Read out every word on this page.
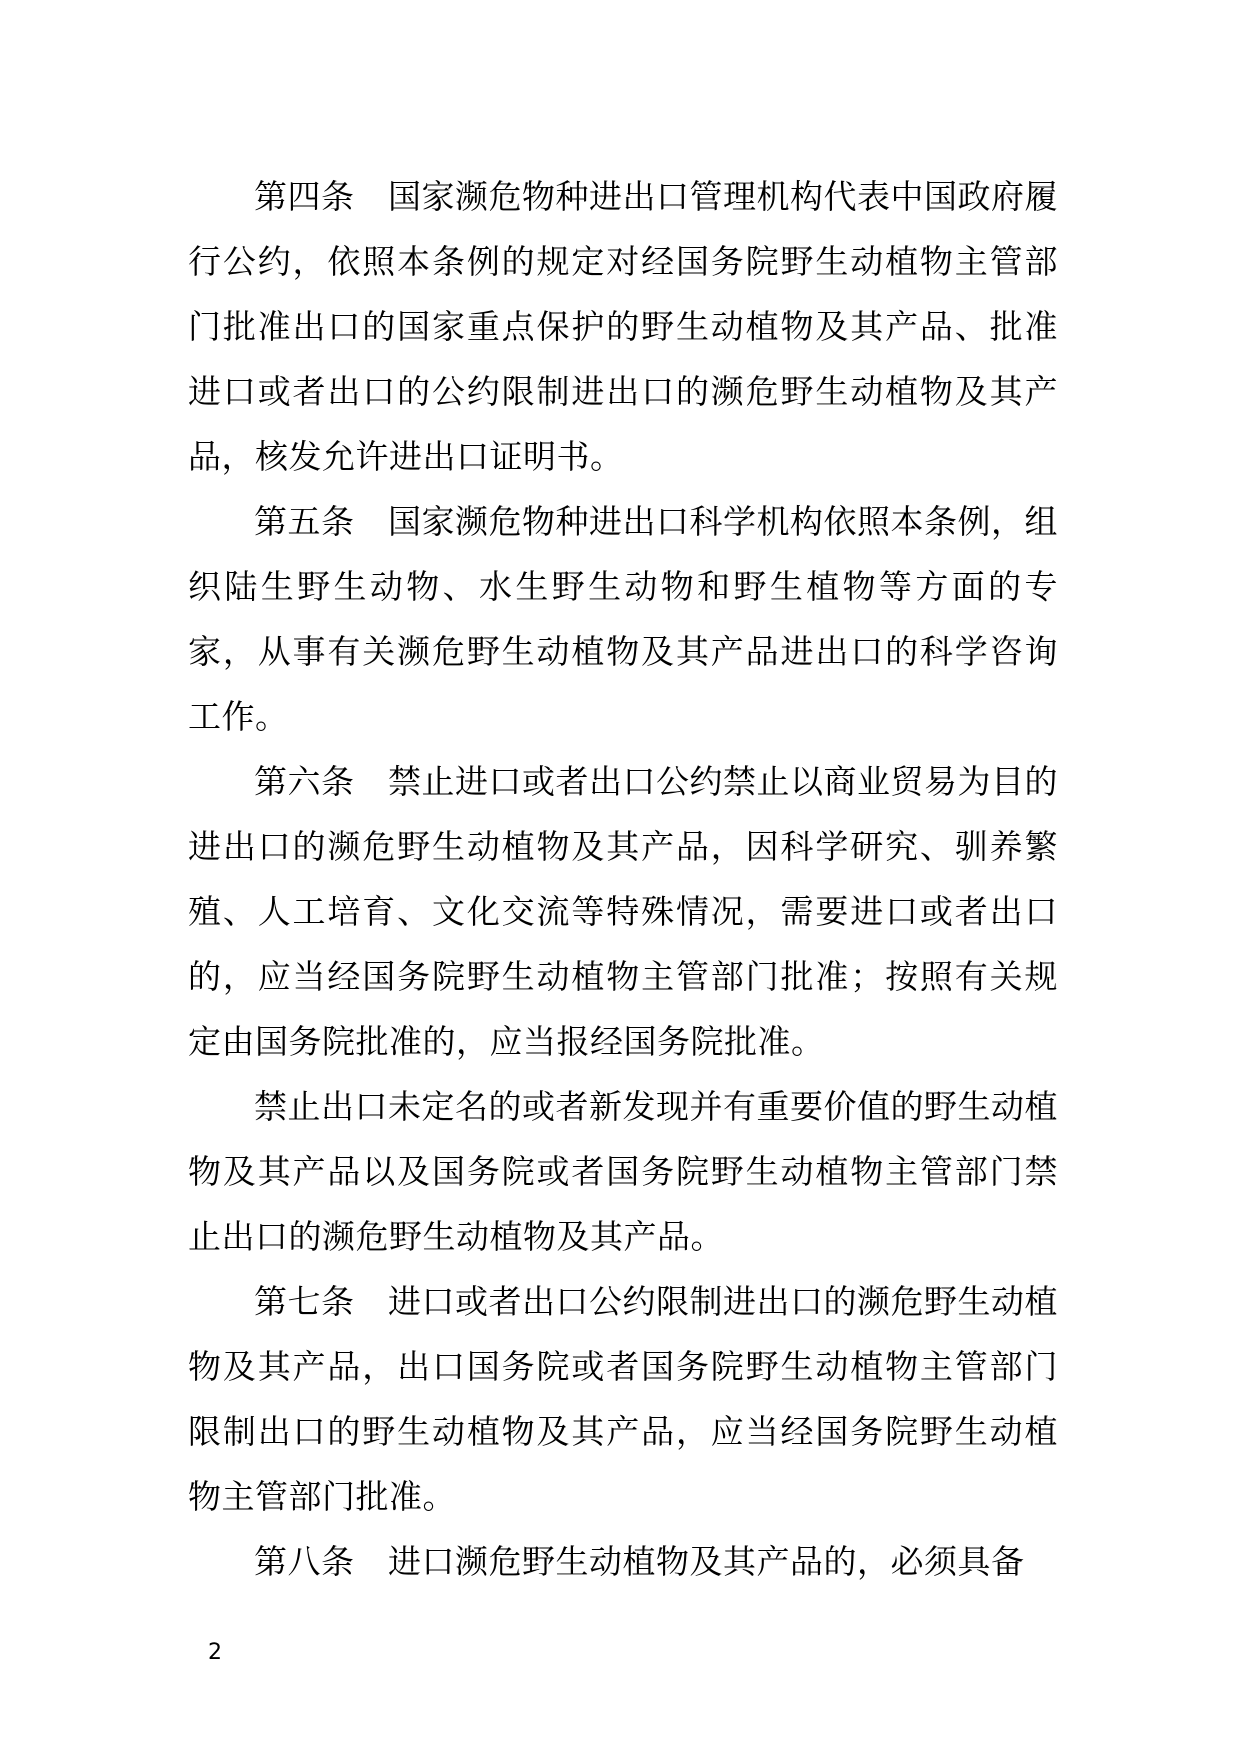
第四条 国家濒危物种进出口管理机构代表中国政府履行公约，依照本条例的规定对经国务院野生动植物主管部门批准出口的国家重点保护的野生动植物及其产品、批准进口或者出口的公约限制进出口的濒危野生动植物及其产品，核发允许进出口证明书。

第五条 国家濒危物种进出口科学机构依照本条例，组织陆生野生动物、水生野生动物和野生植物等方面的专家，从事有关濒危野生动植物及其产品进出口的科学咨询工作。

第六条 禁止进口或者出口公约禁止以商业贸易为目的进出口的濒危野生动植物及其产品，因科学研究、驯养繁殖、人工培育、文化交流等特殊情况，需要进口或者出口的，应当经国务院野生动植物主管部门批准；按照有关规定由国务院批准的，应当报经国务院批准。

禁止出口未定名的或者新发现并有重要价值的野生动植物及其产品以及国务院或者国务院野生动植物主管部门禁止出口的濒危野生动植物及其产品。

第七条 进口或者出口公约限制进出口的濒危野生动植物及其产品，出口国务院或者国务院野生动植物主管部门限制出口的野生动植物及其产品，应当经国务院野生动植物主管部门批准。

第八条 进口濒危野生动植物及其产品的，必须具备

2
